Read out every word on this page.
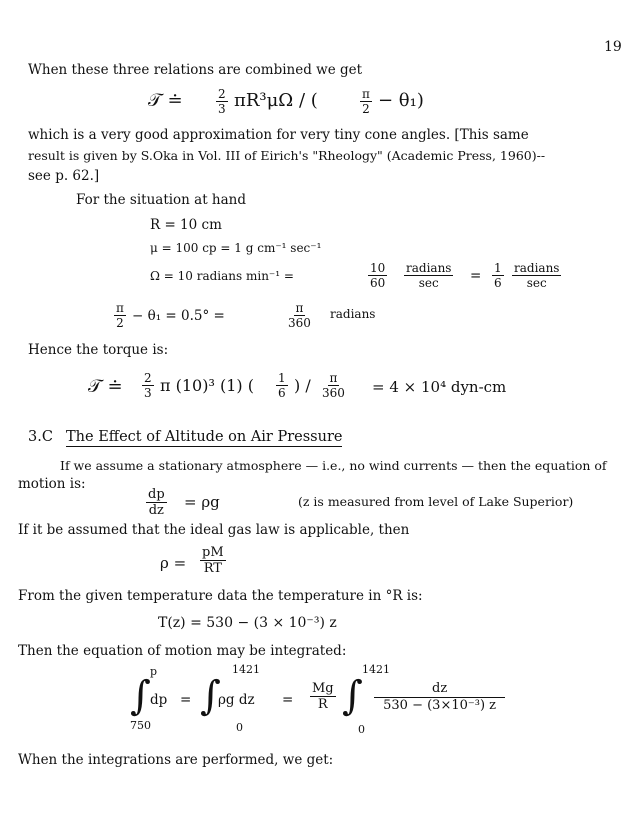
19
When these three relations are combined we get
𝒯 ≐	$\frac{2}{3} \pi R^3\mu\Omega$ / (	$\frac{\pi}{2} - \theta_1$)
which is a very good approximation for very tiny cone angles. [This same
result is given by S.Oka in Vol. III of Eirich's "Rheology" (Academic Press, 1960)--
see p. 62.]
For the situation at hand
R = 10 cm
μ = 100 cp = 1 g cm⁻¹ sec⁻¹
Ω = 10 radians min⁻¹ =	$\frac{10}{60}$ radians
$\sec = \frac{1}{6}$ radians
sec
$\frac{\pi}{2} - \theta_1 = 0.5^\circ$ =	$\frac{\pi}{360}$ radians
Hence the torque is:
𝒯 ≐ $\frac{2}{3}$ π (10)³ (1) ( $\frac{1}{6}$ ) / $\frac{\pi}{360} = 4 \times 10^4$ dyn-cm
3.C The Effect of Altitude on Air Pressure
If we assume a stationary atmosphere — i.e., no wind currents — then the equation of
motion is:
$\frac{dp}{dz} = \rho g$	(z is measured from level of Lake Superior)
If it be assumed that the ideal gas law is applicable, then
$\rho = \frac{pM}{RT}$
From the given temperature data the temperature in °R is:
T(z) = 530 − (3 × 10⁻³) z
Then the equation of motion may be integrated:
p
∫ dp
750
=
1421
∫
ρg dz
0
= $\frac{Mg}{R}$
1421
∫
0
$\frac{dz}{\text{530 − (3×10⁻³) z}}$
When the integrations are performed, we get:
